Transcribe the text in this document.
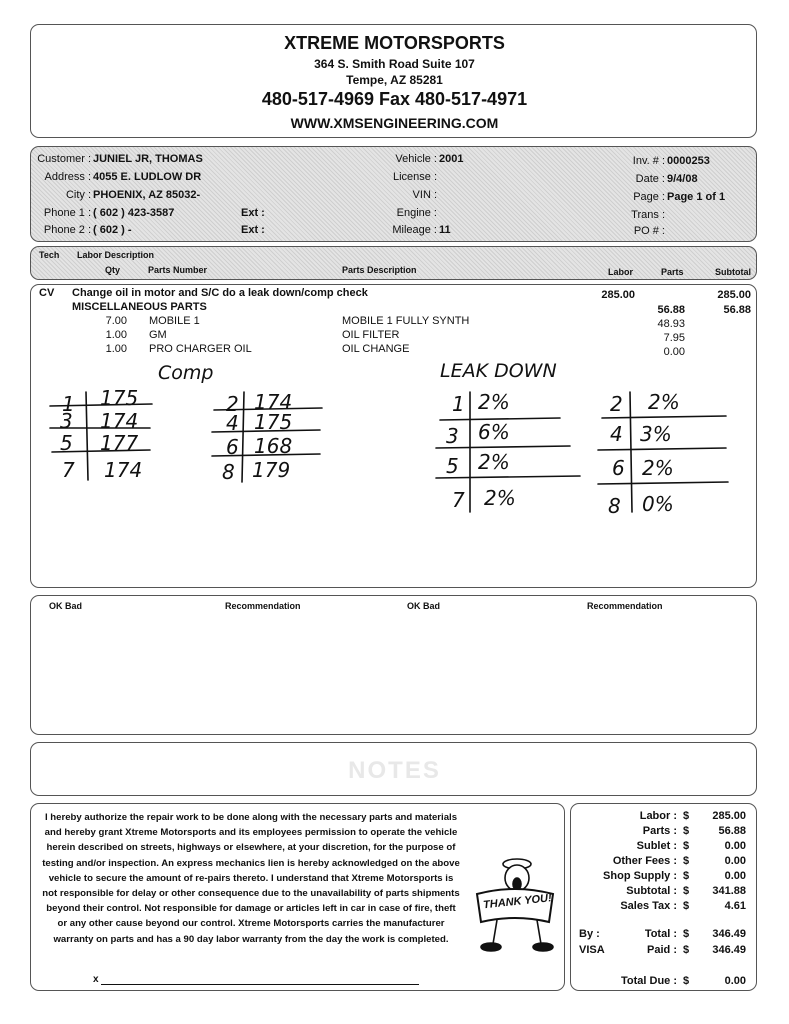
XTREME MOTORSPORTS
364 S. Smith Road Suite 107
Tempe, AZ 85281
480-517-4969 Fax 480-517-4971
WWW.XMSENGINEERING.COM
Customer : JUNIEL JR, THOMAS
Address : 4055 E. LUDLOW DR
City : PHOENIX, AZ 85032-
Phone 1 : ( 602 ) 423-3587
Phone 2 : ( 602 ) -
Ext :
Ext :
Vehicle : 2001
License :
VIN :
Engine :
Mileage : 11
Inv. # : 0000253
Date : 9/4/08
Page : Page 1 of 1
Trans :
PO # :
Tech Labor Description
Qty	Parts Number	Parts Description	Labor	Parts	Subtotal
CV Change oil in motor and S/C do a leak down/comp check	285.00	285.00
MISCELLANEOUS PARTS	56.88	56.88
7.00 MOBILE 1	MOBILE 1 FULLY SYNTH	48.93
1.00 GM	OIL FILTER	7.95
1.00 PRO CHARGER OIL	OIL CHANGE	0.00
Comp	LEAK DOWN
1 175
3 174
5 177
7 174
2 174
4 175
6 168
8 179
1 2%
3 6%
5 2%
7 2%
2 2%
4 3%
6 2%
8 0%
OK Bad	Recommendation	OK Bad	Recommendation
NOTES
I hereby authorize the repair work to be done along with the necessary parts and materials and hereby grant Xtreme Motorsports and its employees permission to operate the vehicle herein described on streets, highways or elsewhere, at your discretion, for the purpose of testing and/or inspection. An express mechanics lien is hereby acknowledged on the above vehicle to secure the amount of re-pairs thereto. I understand that Xtreme Motorsports is not responsible for delay or other consequence due to the unavailability of parts shipments beyond their control. Not responsible for damage or articles left in car in case of fire, theft or any other cause beyond our control. Xtreme Motorsports carries the manufacturer warranty on parts and has a 90 day labor warranty from the day the work is completed.
x
THANK YOU!
Labor : $	285.00
Parts : $	56.88
Sublet : $	0.00
Other Fees : $	0.00
Shop Supply : $	0.00
Subtotal : $	341.88
Sales Tax : $	4.61
By :	Total : $	346.49
VISA	Paid : $	346.49
Total Due : $	0.00
